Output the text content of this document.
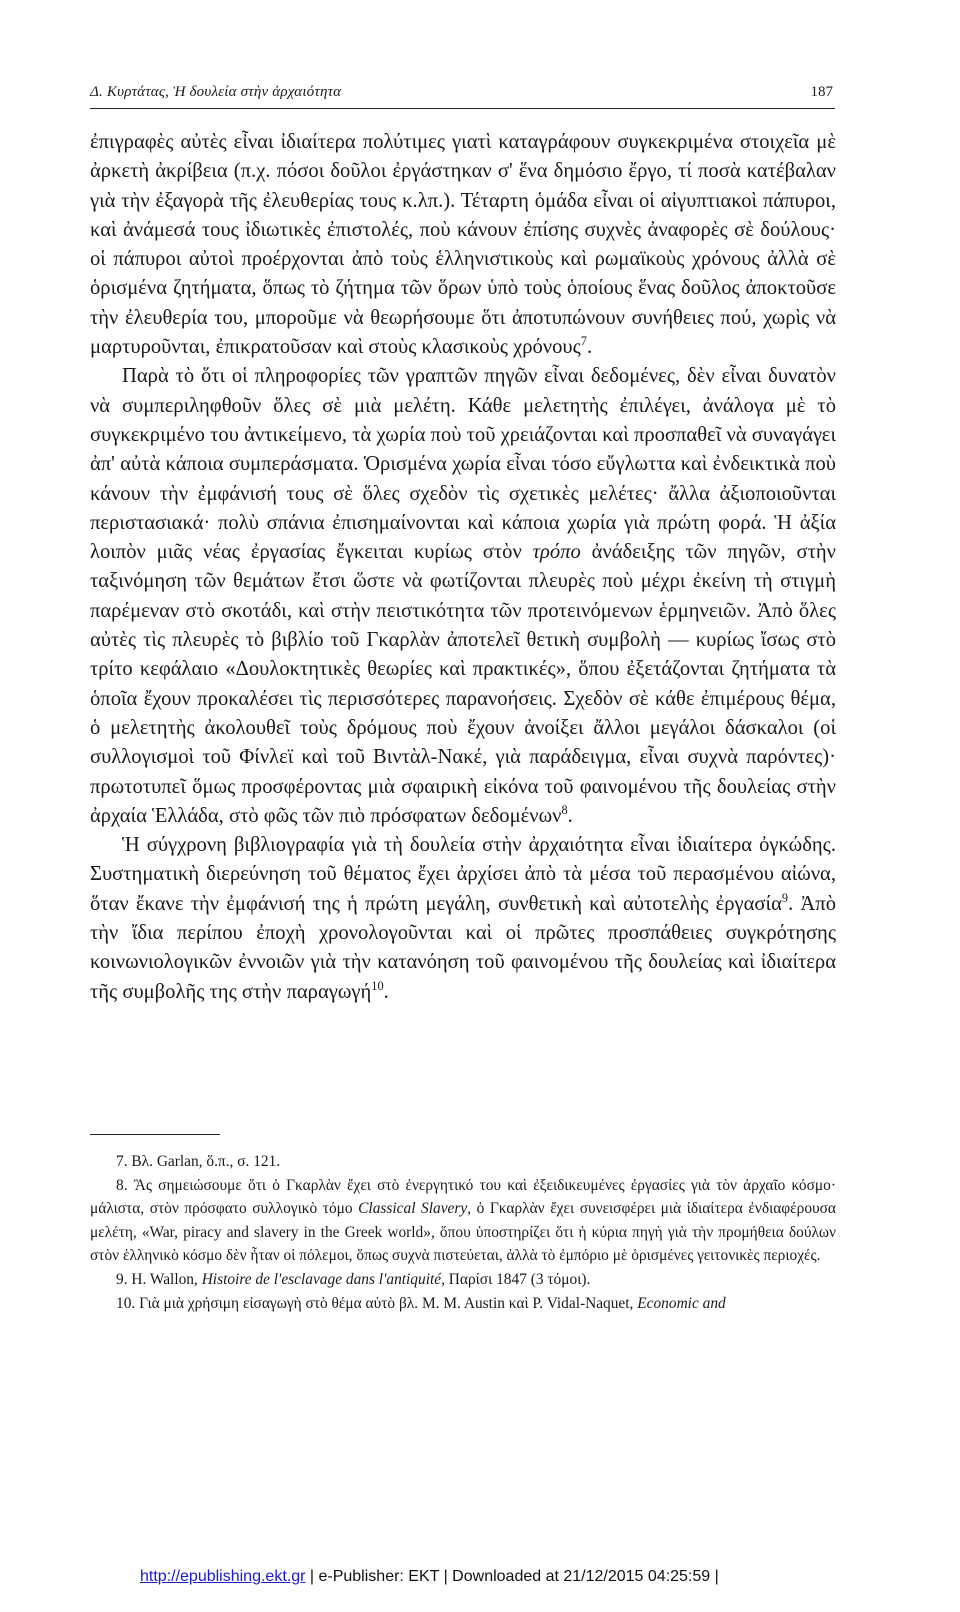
Δ. Κυρτάτας, Ἡ δουλεία στὴν ἀρχαιότητα	187

ἐπιγραφὲς αὐτὲς εἶναι ἰδιαίτερα πολύτιμες γιατὶ καταγράφουν συγκεκριμένα στοιχεῖα μὲ ἀρκετὴ ἀκρίβεια (π.χ. πόσοι δοῦλοι ἐργάστηκαν σ' ἕνα δημόσιο ἔργο, τί ποσὰ κατέβαλαν γιὰ τὴν ἐξαγορὰ τῆς ἐλευθερίας τους κ.λπ.). Τέταρτη ὁμάδα εἶναι οἱ αἰγυπτιακοὶ πάπυροι, καὶ ἀνάμεσά τους ἰδιωτικὲς ἐπιστολές, ποὺ κάνουν ἐπίσης συχνὲς ἀναφορὲς σὲ δούλους· οἱ πάπυροι αὐτοὶ προέρχονται ἀπὸ τοὺς ἑλληνιστικοὺς καὶ ρωμαϊκοὺς χρόνους ἀλλὰ σὲ ὁρισμένα ζητήματα, ὅπως τὸ ζήτημα τῶν ὅρων ὑπὸ τοὺς ὁποίους ἕνας δοῦλος ἀποκτοῦσε τὴν ἐλευθερία του, μποροῦμε νὰ θεωρήσουμε ὅτι ἀποτυπώνουν συνήθειες πού, χωρὶς νὰ μαρτυροῦνται, ἐπικρατοῦσαν καὶ στοὺς κλασικοὺς χρόνους$^7$.

Παρὰ τὸ ὅτι οἱ πληροφορίες τῶν γραπτῶν πηγῶν εἶναι δεδομένες, δὲν εἶναι δυνατὸν νὰ συμπεριληφθοῦν ὅλες σὲ μιὰ μελέτη. Κάθε μελετητὴς ἐπιλέγει, ἀνάλογα μὲ τὸ συγκεκριμένο του ἀντικείμενο, τὰ χωρία ποὺ τοῦ χρειάζονται καὶ προσπαθεῖ νὰ συναγάγει ἀπ' αὐτὰ κάποια συμπεράσματα. Ὁρισμένα χωρία εἶναι τόσο εὔγλωττα καὶ ἐνδεικτικὰ ποὺ κάνουν τὴν ἐμφάνισή τους σὲ ὅλες σχεδὸν τὶς σχετικὲς μελέτες· ἄλλα ἀξιοποιοῦνται περιστασιακά· πολὺ σπάνια ἐπισημαίνονται καὶ κάποια χωρία γιὰ πρώτη φορά. Ἡ ἀξία λοιπὸν μιᾶς νέας ἐργασίας ἔγκειται κυρίως στὸν τρόπο ἀνάδειξης τῶν πηγῶν, στὴν ταξινόμηση τῶν θεμάτων ἔτσι ὥστε νὰ φωτίζονται πλευρὲς ποὺ μέχρι ἐκείνη τὴ στιγμὴ παρέμεναν στὸ σκοτάδι, καὶ στὴν πειστικότητα τῶν προτεινόμενων ἑρμηνειῶν. Ἀπὸ ὅλες αὐτὲς τὶς πλευρὲς τὸ βιβλίο τοῦ Γκαρλὰν ἀποτελεῖ θετικὴ συμβολὴ — κυρίως ἴσως στὸ τρίτο κεφάλαιο «Δουλοκτητικὲς θεωρίες καὶ πρακτικές», ὅπου ἐξετάζονται ζητήματα τὰ ὁποῖα ἔχουν προκαλέσει τὶς περισσότερες παρανοήσεις. Σχεδὸν σὲ κάθε ἐπιμέρους θέμα, ὁ μελετητὴς ἀκολουθεῖ τοὺς δρόμους ποὺ ἔχουν ἀνοίξει ἄλλοι μεγάλοι δάσκαλοι (οἱ συλλογισμοὶ τοῦ Φίνλεϊ καὶ τοῦ Βιντὰλ-Νακέ, γιὰ παράδειγμα, εἶναι συχνὰ παρόντες)· πρωτοτυπεῖ ὅμως προσφέροντας μιὰ σφαιρικὴ εἰκόνα τοῦ φαινομένου τῆς δουλείας στὴν ἀρχαία Ἑλλάδα, στὸ φῶς τῶν πιὸ πρόσφατων δεδομένων$^8$.

Ἡ σύγχρονη βιβλιογραφία γιὰ τὴ δουλεία στὴν ἀρχαιότητα εἶναι ἰδιαίτερα ὀγκώδης. Συστηματικὴ διερεύνηση τοῦ θέματος ἔχει ἀρχίσει ἀπὸ τὰ μέσα τοῦ περασμένου αἰώνα, ὅταν ἔκανε τὴν ἐμφάνισή της ἡ πρώτη μεγάλη, συνθετικὴ καὶ αὐτοτελὴς ἐργασία$^9$. Ἀπὸ τὴν ἴδια περίπου ἐποχὴ χρονολογοῦνται καὶ οἱ πρῶτες προσπάθειες συγκρότησης κοινωνιολογικῶν ἐννοιῶν γιὰ τὴν κατανόηση τοῦ φαινομένου τῆς δουλείας καὶ ἰδιαίτερα τῆς συμβολῆς της στὴν παραγωγή$^{10}$.

7. Βλ. Garlan, ὅ.π., σ. 121.

8. Ἂς σημειώσουμε ὅτι ὁ Γκαρλὰν ἔχει στὸ ἐνεργητικό του καὶ ἐξειδικευμένες ἐργασίες γιὰ τὸν ἀρχαῖο κόσμο· μάλιστα, στὸν πρόσφατο συλλογικὸ τόμο Classical Slavery, ὁ Γκαρλὰν ἔχει συνεισφέρει μιὰ ἰδιαίτερα ἐνδιαφέρουσα μελέτη, «War, piracy and slavery in the Greek world», ὅπου ὑποστηρίζει ὅτι ἡ κύρια πηγὴ γιὰ τὴν προμήθεια δούλων στὸν ἑλληνικὸ κόσμο δὲν ἦταν οἱ πόλεμοι, ὅπως συχνὰ πιστεύεται, ἀλλὰ τὸ ἐμπόριο μὲ ὁρισμένες γειτονικὲς περιοχές.

9. H. Wallon, Histoire de l'esclavage dans l'antiquité, Παρίσι 1847 (3 τόμοι).

10. Γιὰ μιὰ χρήσιμη εἰσαγωγὴ στὸ θέμα αὐτὸ βλ. M. M. Austin καὶ P. Vidal-Naquet, Economic and

http://epublishing.ekt.gr | e-Publisher: EKT | Downloaded at 21/12/2015 04:25:59 |
